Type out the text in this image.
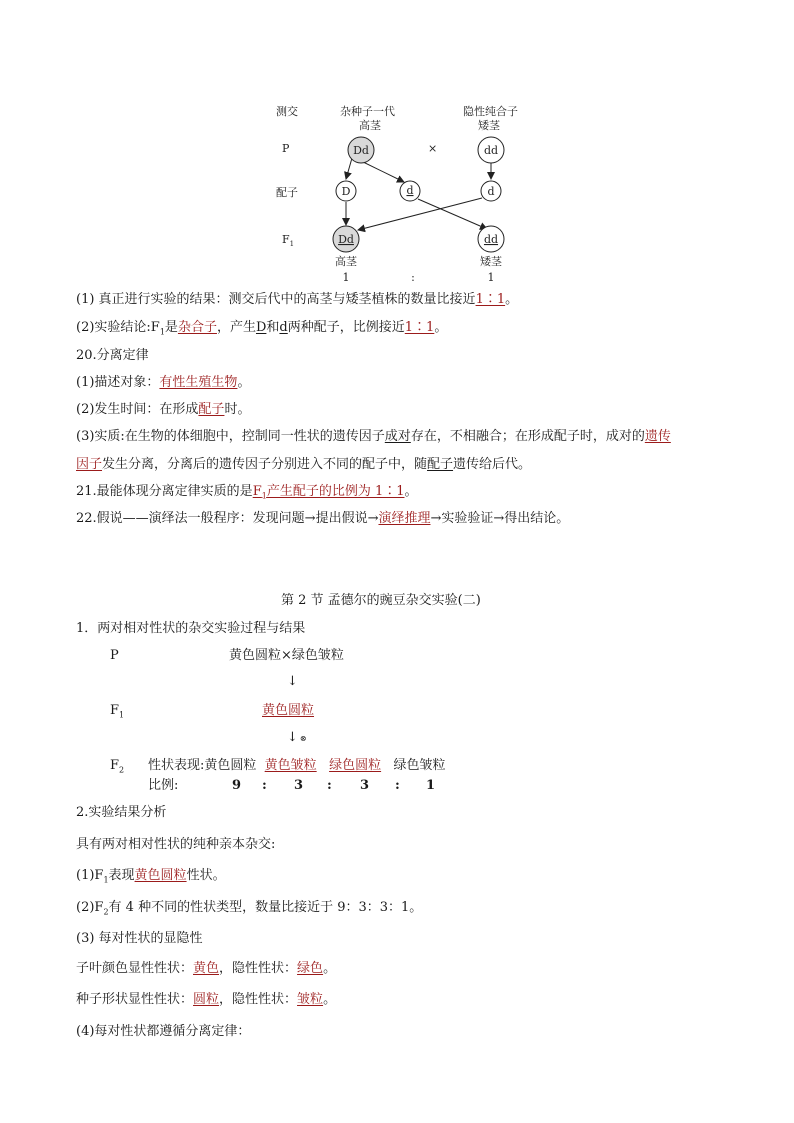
测交	杂种子一代
高茎
隐性纯合子
矮茎
P	×
配子
$F_1$
Dd	dd
D	d	d
Dd	dd
高茎	矮茎
1	:	1
(1) 真正进行实验的结果：测交后代中的高茎与矮茎植株的数量比接近1∶1。
(2)实验结论$:F_1$是杂合子，产生D和d两种配子，比例接近1∶1。
20.分离定律
(1)描述对象：有性生殖生物。
(2)发生时间：在形成配子时。
(3)实质:在生物的体细胞中，控制同一性状的遗传因子成对存在，不相融合；在形成配子时，成对的遗传
因子发生分离，分离后的遗传因子分别进入不同的配子中，随配子遗传给后代。
21.最能体现分离定律实质的是$F_1$产生配子的比例为 1∶1。
22.假说——演绎法一般程序：发现问题→提出假说→演绎推理→实验验证→得出结论。
第 2 节 孟德尔的豌豆杂交实验(二)
1．两对相对性状的杂交实验过程与结果
P	黄色圆粒×绿色皱粒
↓
$F_1$	黄色圆粒
↓ ⊗
$F_2$ 性状表现:黄色圆粒 黄色皱粒 绿色圆粒 绿色皱粒
比例:	9 : 3 : 3 : 1
2.实验结果分析
具有两对相对性状的纯种亲本杂交:
$(1)F_1$表现黄色圆粒性状。
$(2)F_2$有 4 种不同的性状类型，数量比接近于 9：3：3：1。
(3) 每对性状的显隐性
子叶颜色显性性状：黄色，隐性性状：绿色。
种子形状显性性状：圆粒，隐性性状：皱粒。
(4)每对性状都遵循分离定律：
